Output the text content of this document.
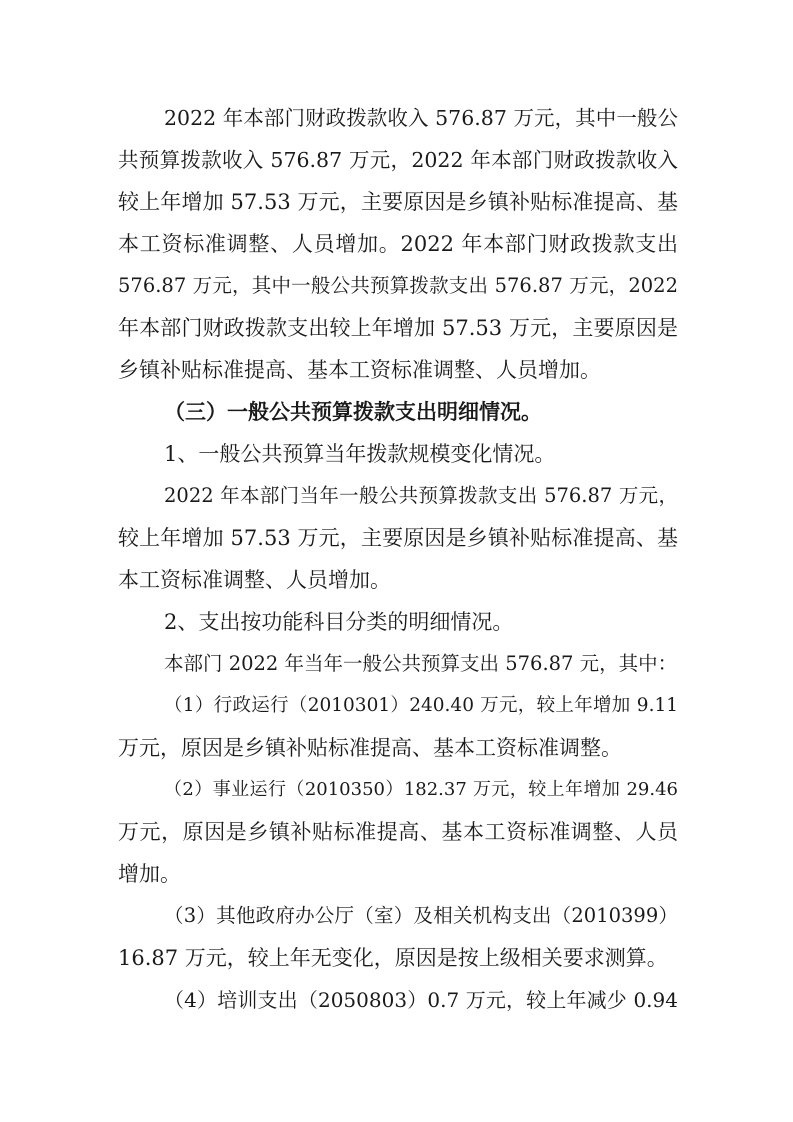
2022 年本部门财政拨款收入 576.87 万元，其中一般公
共预算拨款收入 576.87 万元，2022 年本部门财政拨款收入
较上年增加 57.53 万元，主要原因是乡镇补贴标准提高、基
本工资标准调整、人员增加。2022 年本部门财政拨款支出
576.87 万元，其中一般公共预算拨款支出 576.87 万元，2022
年本部门财政拨款支出较上年增加 57.53 万元，主要原因是
乡镇补贴标准提高、基本工资标准调整、人员增加。
（三）一般公共预算拨款支出明细情况。
1、一般公共预算当年拨款规模变化情况。
2022 年本部门当年一般公共预算拨款支出 576.87 万元，
较上年增加 57.53 万元，主要原因是乡镇补贴标准提高、基
本工资标准调整、人员增加。
2、支出按功能科目分类的明细情况。
本部门 2022 年当年一般公共预算支出 576.87 元，其中：
（1）行政运行（2010301）240.40 万元，较上年增加 9.11
万元，原因是乡镇补贴标准提高、基本工资标准调整。
（2）事业运行（2010350）182.37 万元，较上年增加 29.46
万元，原因是乡镇补贴标准提高、基本工资标准调整、人员
增加。
（3）其他政府办公厅（室）及相关机构支出（2010399）
16.87 万元，较上年无变化，原因是按上级相关要求测算。
（4）培训支出（2050803）0.7 万元，较上年减少 0.94
